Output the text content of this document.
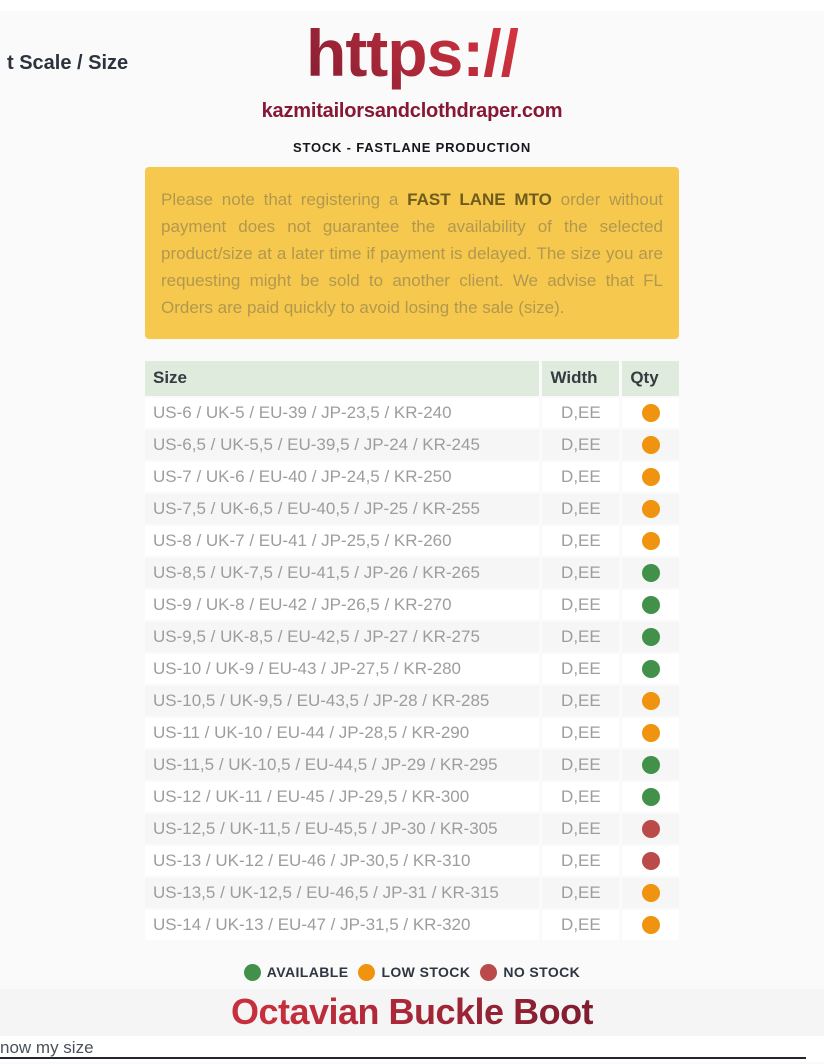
t Scale / Size	https://
kazmitailorsandclothdraper.com
STOCK - FASTLANE PRODUCTION
Please note that registering a FAST LANE MTO order without payment does not guarantee the availability of the selected product/size at a later time if payment is delayed. The size you are requesting might be sold to another client. We advise that FL Orders are paid quickly to avoid losing the sale (size).
Size	Width	Qty
US-6 / UK-5 / EU-39 / JP-23,5 / KR-240	D,EE	
US-6,5 / UK-5,5 / EU-39,5 / JP-24 / KR-245	D,EE	
US-7 / UK-6 / EU-40 / JP-24,5 / KR-250	D,EE	
US-7,5 / UK-6,5 / EU-40,5 / JP-25 / KR-255	D,EE	
US-8 / UK-7 / EU-41 / JP-25,5 / KR-260	D,EE	
US-8,5 / UK-7,5 / EU-41,5 / JP-26 / KR-265	D,EE	
US-9 / UK-8 / EU-42 / JP-26,5 / KR-270	D,EE	
US-9,5 / UK-8,5 / EU-42,5 / JP-27 / KR-275	D,EE	
US-10 / UK-9 / EU-43 / JP-27,5 / KR-280	D,EE	
US-10,5 / UK-9,5 / EU-43,5 / JP-28 / KR-285	D,EE	
US-11 / UK-10 / EU-44 / JP-28,5 / KR-290	D,EE	
US-11,5 / UK-10,5 / EU-44,5 / JP-29 / KR-295	D,EE	
US-12 / UK-11 / EU-45 / JP-29,5 / KR-300	D,EE	
US-12,5 / UK-11,5 / EU-45,5 / JP-30 / KR-305	D,EE	
US-13 / UK-12 / EU-46 / JP-30,5 / KR-310	D,EE	
US-13,5 / UK-12,5 / EU-46,5 / JP-31 / KR-315	D,EE	
US-14 / UK-13 / EU-47 / JP-31,5 / KR-320	D,EE	
AVAILABLE LOW STOCK NO STOCK
Octavian Buckle Boot
now my size
